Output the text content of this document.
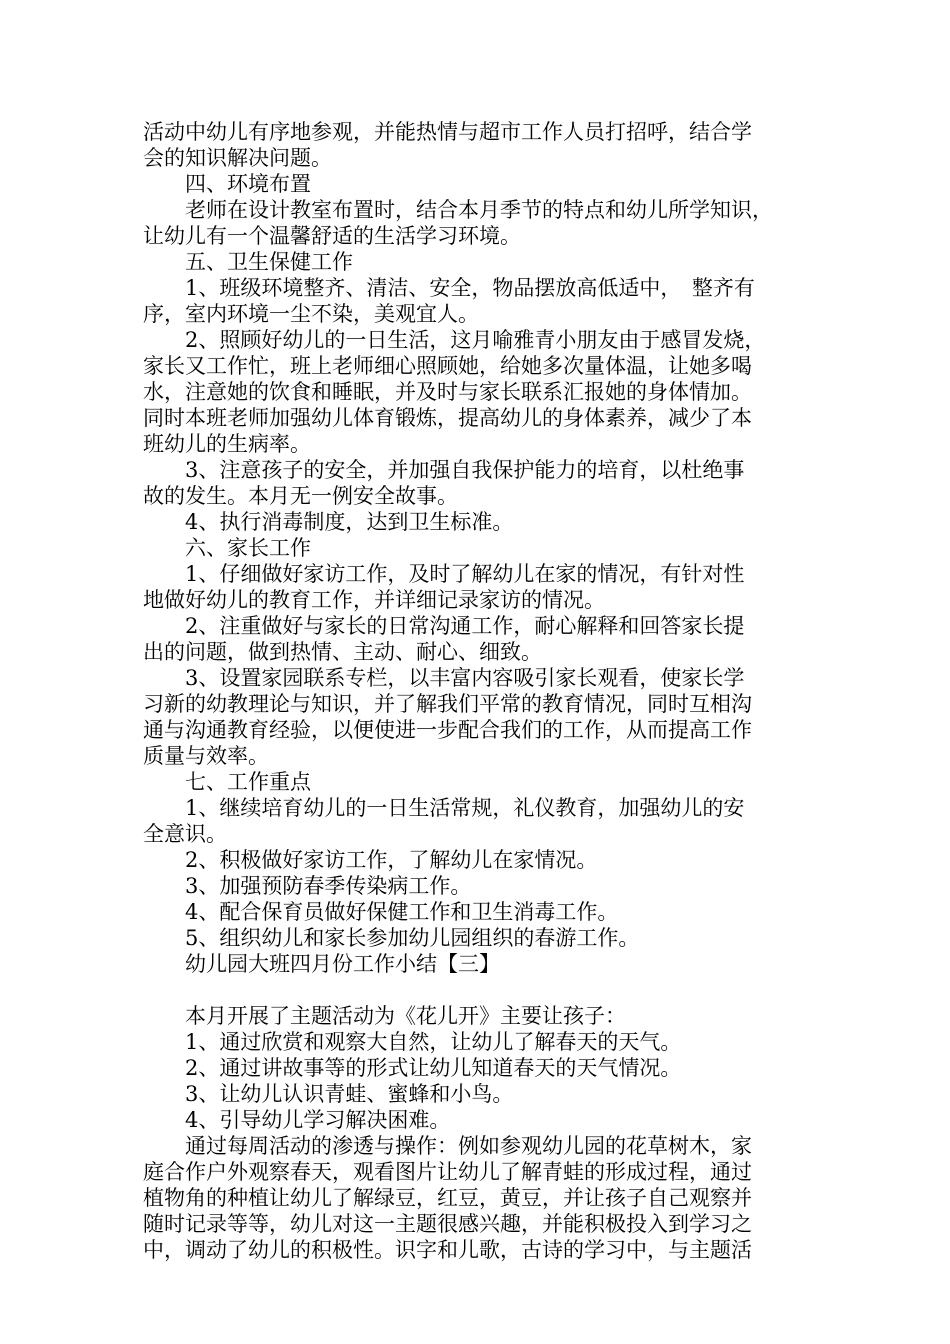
活动中幼儿有序地参观，并能热情与超市工作人员打招呼，结合学
会的知识解决问题。
　　四、环境布置
　　老师在设计教室布置时，结合本月季节的特点和幼儿所学知识，
让幼儿有一个温馨舒适的生活学习环境。
　　五、卫生保健工作
　　1、班级环境整齐、清洁、安全，物品摆放高低适中，　整齐有
序，室内环境一尘不染，美观宜人。
　　2、照顾好幼儿的一日生活，这月喻雅青小朋友由于感冒发烧，
家长又工作忙，班上老师细心照顾她，给她多次量体温，让她多喝
水，注意她的饮食和睡眠，并及时与家长联系汇报她的身体情加。
同时本班老师加强幼儿体育锻炼，提高幼儿的身体素养，减少了本
班幼儿的生病率。
　　3、注意孩子的安全，并加强自我保护能力的培育，以杜绝事
故的发生。本月无一例安全故事。
　　4、执行消毒制度，达到卫生标准。
　　六、家长工作
　　1、仔细做好家访工作，及时了解幼儿在家的情况，有针对性
地做好幼儿的教育工作，并详细记录家访的情况。
　　2、注重做好与家长的日常沟通工作，耐心解释和回答家长提
出的问题，做到热情、主动、耐心、细致。
　　3、设置家园联系专栏，以丰富内容吸引家长观看，使家长学
习新的幼教理论与知识，并了解我们平常的教育情况，同时互相沟
通与沟通教育经验，以便使进一步配合我们的工作，从而提高工作
质量与效率。
　　七、工作重点
　　1、继续培育幼儿的一日生活常规，礼仪教育，加强幼儿的安
全意识。
　　2、积极做好家访工作，了解幼儿在家情况。
　　3、加强预防春季传染病工作。
　　4、配合保育员做好保健工作和卫生消毒工作。
　　5、组织幼儿和家长参加幼儿园组织的春游工作。
　　幼儿园大班四月份工作小结【三】
　　本月开展了主题活动为《花儿开》主要让孩子：
　　1、通过欣赏和观察大自然，让幼儿了解春天的天气。
　　2、通过讲故事等的形式让幼儿知道春天的天气情况。
　　3、让幼儿认识青蛙、蜜蜂和小鸟。
　　4、引导幼儿学习解决困难。
　　通过每周活动的渗透与操作：例如参观幼儿园的花草树木，家
庭合作户外观察春天，观看图片让幼儿了解青蛙的形成过程，通过
植物角的种植让幼儿了解绿豆，红豆，黄豆，并让孩子自己观察并
随时记录等等，幼儿对这一主题很感兴趣，并能积极投入到学习之
中，调动了幼儿的积极性。识字和儿歌，古诗的学习中，与主题活
